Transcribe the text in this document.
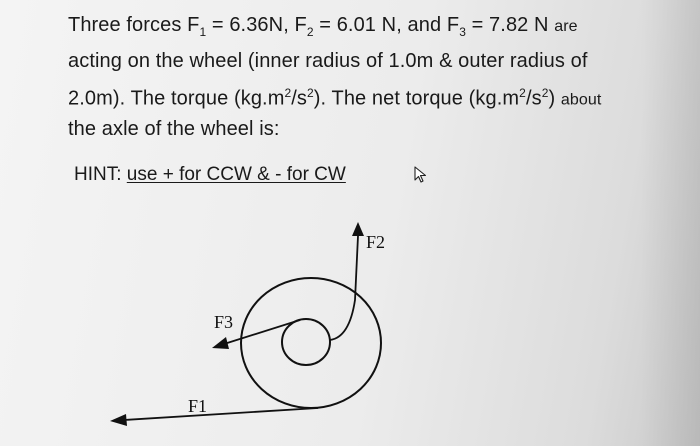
Three forces $F_1 = 6.36N$, $F_2 = 6.01$ N, and $F_3 = 7.82$ N are
acting on the wheel (inner radius of 1.0m & outer radius of
2.0m). The torque $(kg.m^2/s^2)$. The net torque $(kg.m^2/s^2)$ about
the axle of the wheel is:
HINT: use + for CCW & - for CW
F2
F3
F1
